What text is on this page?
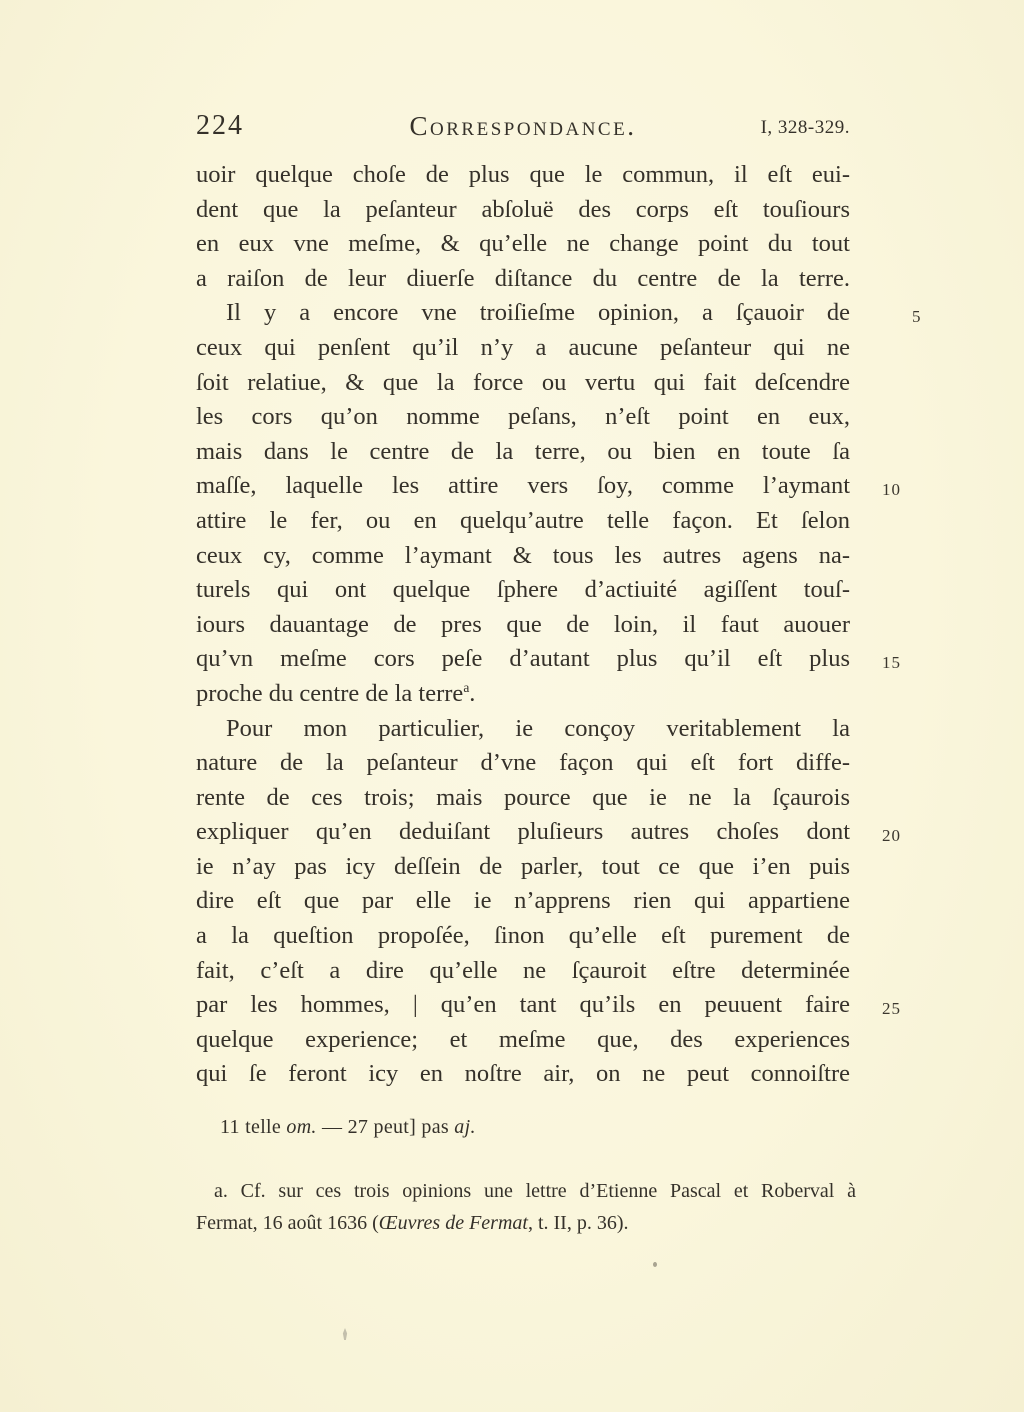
224	Correspondance.	I, 328-329.
uoir quelque choſe de plus que le commun, il eſt eui-
dent que la peſanteur abſoluë des corps eſt touſiours
en eux vne meſme, & qu’elle ne change point du tout
a raiſon de leur diuerſe diſtance du centre de la terre.
Il y a encore vne troiſieſme opinion, a ſçauoir de	5
ceux qui penſent qu’il n’y a aucune peſanteur qui ne
ſoit relatiue, & que la force ou vertu qui fait deſcendre
les cors qu’on nomme peſans, n’eſt point en eux,
mais dans le centre de la terre, ou bien en toute ſa
maſſe, laquelle les attire vers ſoy, comme l’aymant 10
attire le fer, ou en quelqu’autre telle façon. Et ſelon
ceux cy, comme l’aymant & tous les autres agens na-
turels qui ont quelque ſphere d’actiuité agiſſent touſ-
iours dauantage de pres que de loin, il faut auouer
qu’vn meſme cors peſe d’autant plus qu’il eſt plus 15
proche du centre de la terre$^a$.
Pour mon particulier, ie conçoy veritablement la
nature de la peſanteur d’vne façon qui eſt fort diffe-
rente de ces trois; mais pource que ie ne la ſçaurois
expliquer qu’en deduiſant pluſieurs autres choſes dont 20
ie n’ay pas icy deſſein de parler, tout ce que i’en puis
dire eſt que par elle ie n’apprens rien qui appartiene
a la queſtion propoſée, ſinon qu’elle eſt purement de
fait, c’eſt a dire qu’elle ne ſçauroit eſtre determinée
par les hommes, | qu’en tant qu’ils en peuuent faire 25
quelque experience; et meſme que, des experiences
qui ſe feront icy en noſtre air, on ne peut connoiſtre
11 telle om. — 27 peut] pas aj.
a. Cf. sur ces trois opinions une lettre d’Etienne Pascal et Roberval à
Fermat, 16 août 1636 (Œuvres de Fermat, t. II, p. 36).
